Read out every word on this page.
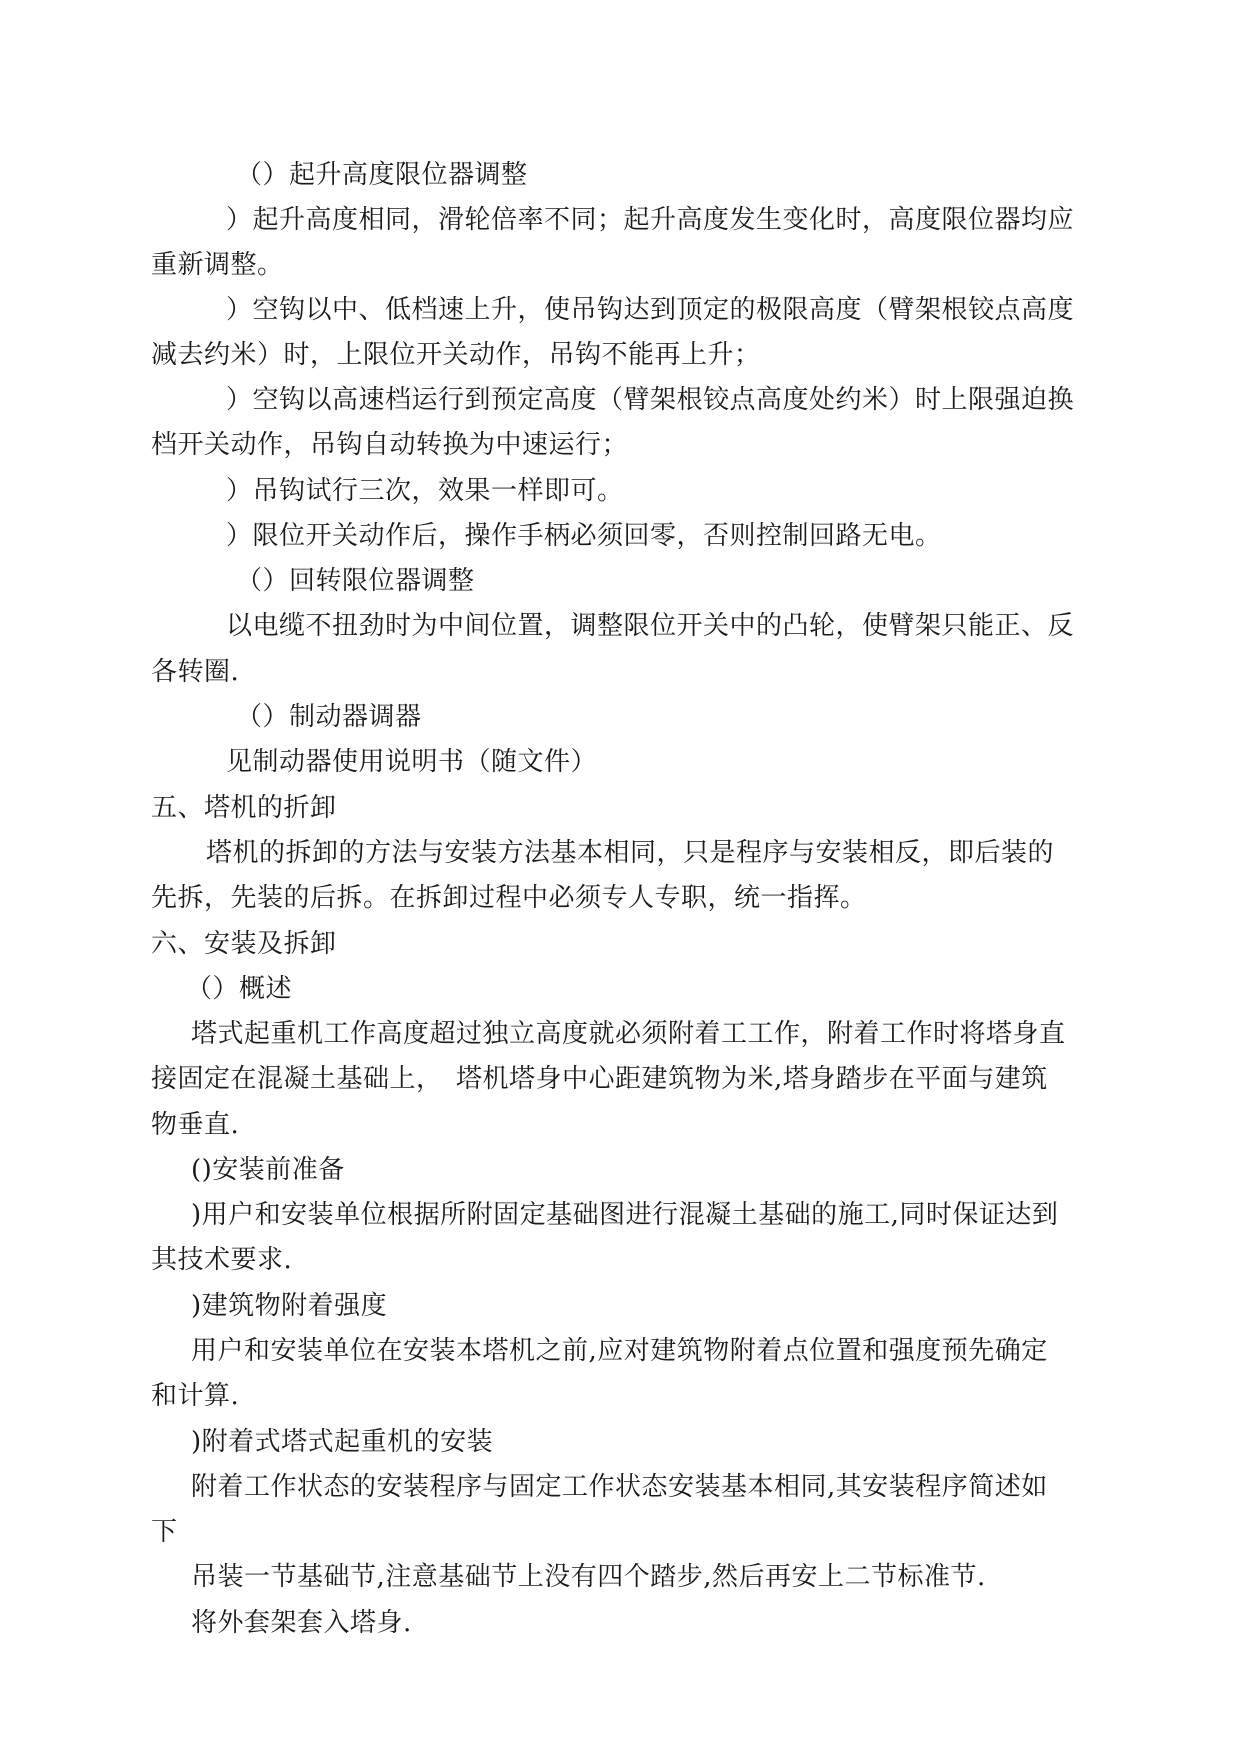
（）起升高度限位器调整
）起升高度相同，滑轮倍率不同；起升高度发生变化时，高度限位器均应
重新调整。
）空钩以中、低档速上升，使吊钩达到顶定的极限高度（臂架根铰点高度
减去约米）时，上限位开关动作，吊钩不能再上升；
）空钩以高速档运行到预定高度（臂架根铰点高度处约米）时上限强迫换
档开关动作，吊钩自动转换为中速运行；
）吊钩试行三次，效果一样即可。
）限位开关动作后，操作手柄必须回零，否则控制回路无电。
（）回转限位器调整
以电缆不扭劲时为中间位置，调整限位开关中的凸轮，使臂架只能正、反
各转圈.
（）制动器调器
见制动器使用说明书（随文件）
五、塔机的折卸
塔机的拆卸的方法与安装方法基本相同，只是程序与安装相反，即后装的
先拆，先装的后拆。在拆卸过程中必须专人专职，统一指挥。
六、安装及拆卸
（）概述
塔式起重机工作高度超过独立高度就必须附着工工作，附着工作时将塔身直
接固定在混凝土基础上，　塔机塔身中心距建筑物为米,塔身踏步在平面与建筑
物垂直.
()安装前准备
)用户和安装单位根据所附固定基础图进行混凝土基础的施工,同时保证达到
其技术要求.
)建筑物附着强度
用户和安装单位在安装本塔机之前,应对建筑物附着点位置和强度预先确定
和计算.
)附着式塔式起重机的安装
附着工作状态的安装程序与固定工作状态安装基本相同,其安装程序简述如
下
吊装一节基础节,注意基础节上没有四个踏步,然后再安上二节标准节.
将外套架套入塔身.
